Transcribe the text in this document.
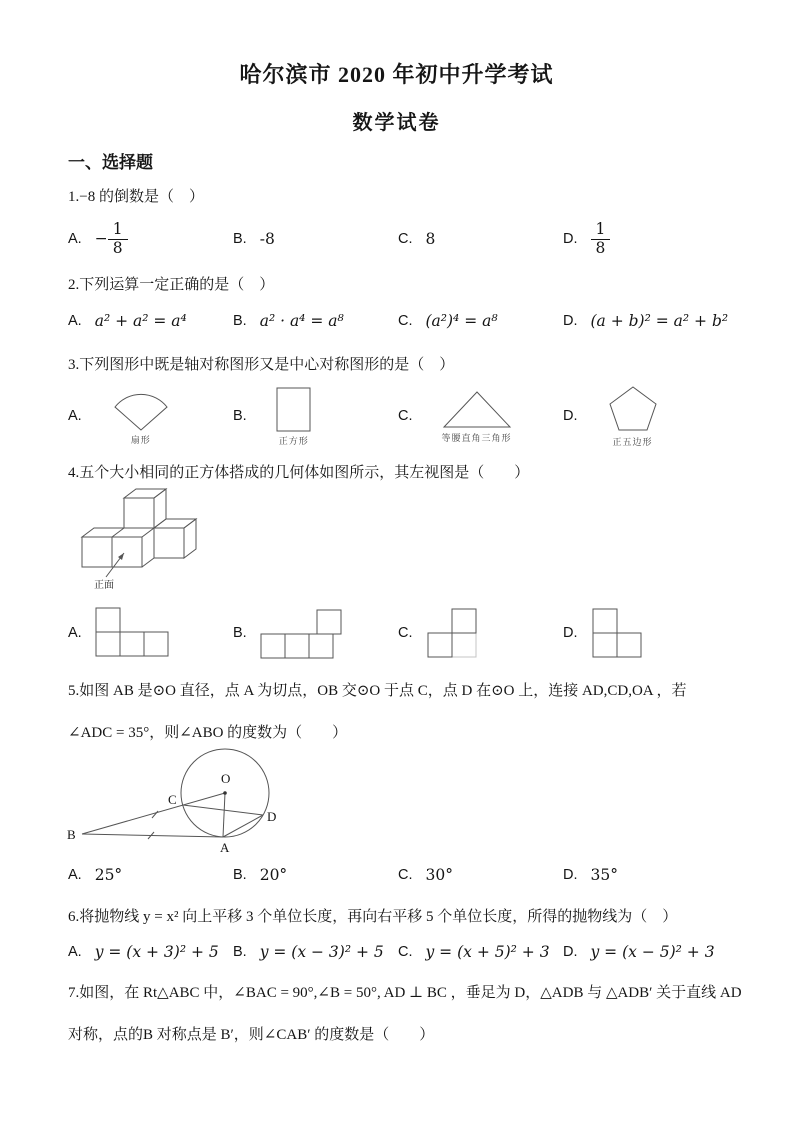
哈尔滨市 2020 年初中升学考试
数学试卷
一、选择题

1.−8 的倒数是（　）

A. − $\frac{1}{8}$	B. -8	C. 8	D. $\frac{1}{8}$

2.下列运算一定正确的是（　）

A. a² + a² = a⁴	B. a² · a⁴ = a⁸	C. (a²)⁴ = a⁸	D. (a + b)² = a² + b²

3.下列图形中既是轴对称图形又是中心对称图形的是（　）

A.
扇形
B.
正方形
C.
等腰直角三角形
D.
正五边形

4.五个大小相同的正方体搭成的几何体如图所示，其左视图是（　　）

正面
A.	B.	C.	D.

5.如图 AB 是⊙O 直径，点 A 为切点，OB 交⊙O 于点 C，点 D 在⊙O 上，连接 AD,CD,OA ，若

∠ADC = 35°，则∠ABO 的度数为（　　）

O
C
D
B
A
A. 25°	B. 20°	C. 30°	D. 35°

6.将抛物线 y = x² 向上平移 3 个单位长度，再向右平移 5 个单位长度，所得的抛物线为（　）

A. y = (x + 3)² + 5 B. y = (x − 3)² + 5 C. y = (x + 5)² + 3 D. y = (x − 5)² + 3

7.如图，在 Rt△ABC 中，∠BAC = 90°,∠B = 50°, AD ⊥ BC ，垂足为 D，△ADB 与 △ADB′ 关于直线 AD

对称，点的B 对称点是 B′，则∠CAB′ 的度数是（　　）
